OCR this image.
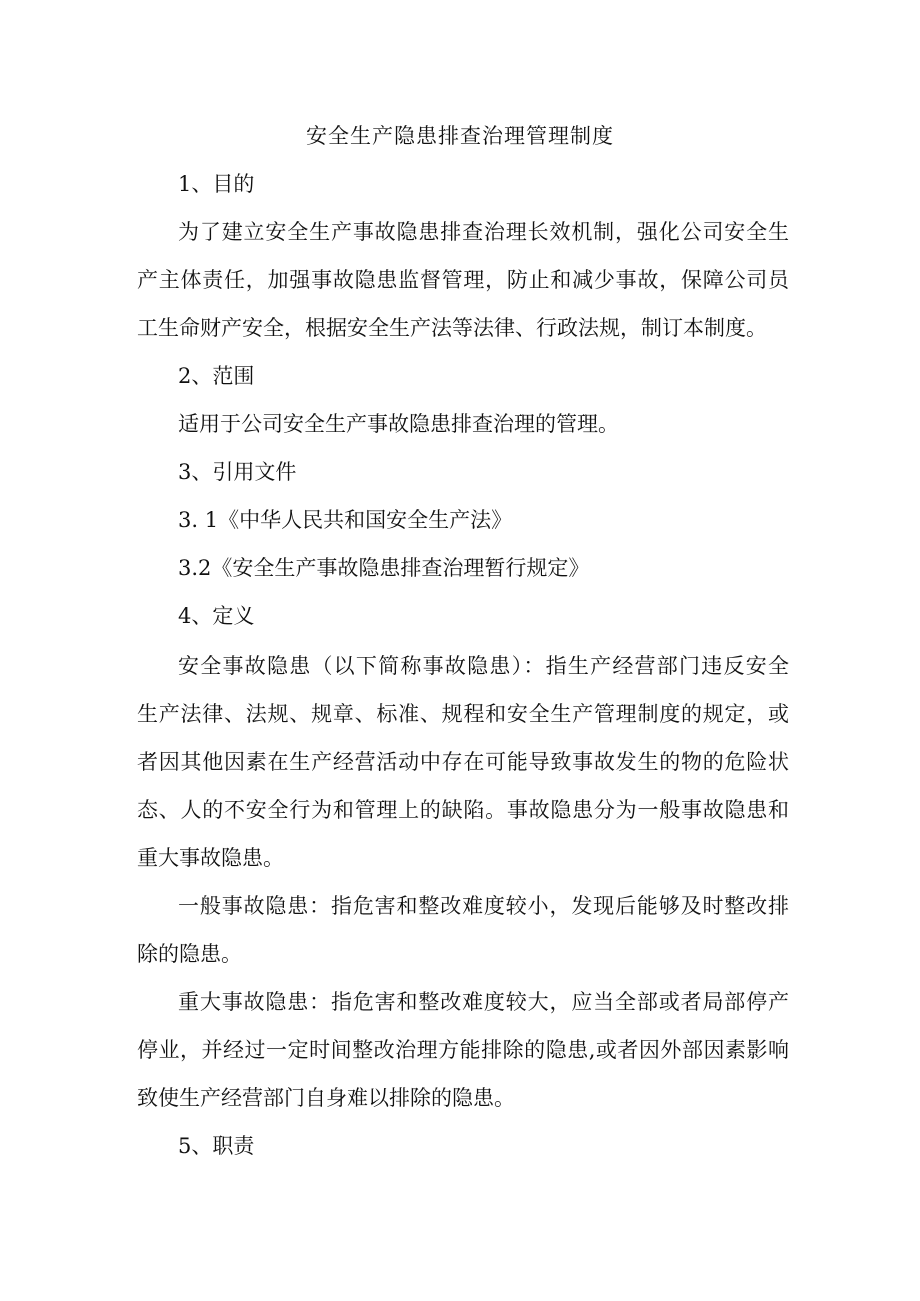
安全生产隐患排查治理管理制度
1、目的
为了建立安全生产事故隐患排查治理长效机制，强化公司安全生
产主体责任，加强事故隐患监督管理，防止和减少事故，保障公司员
工生命财产安全，根据安全生产法等法律、行政法规，制订本制度。
2、范围
适用于公司安全生产事故隐患排查治理的管理。
3、引用文件
3. 1《中华人民共和国安全生产法》
3.2《安全生产事故隐患排查治理暂行规定》
4、定义
安全事故隐患（以下简称事故隐患）：指生产经营部门违反安全
生产法律、法规、规章、标准、规程和安全生产管理制度的规定，或
者因其他因素在生产经营活动中存在可能导致事故发生的物的危险状
态、人的不安全行为和管理上的缺陷。事故隐患分为一般事故隐患和
重大事故隐患。
一般事故隐患：指危害和整改难度较小，发现后能够及时整改排
除的隐患。
重大事故隐患：指危害和整改难度较大，应当全部或者局部停产
停业，并经过一定时间整改治理方能排除的隐患,或者因外部因素影响
致使生产经营部门自身难以排除的隐患。
5、职责
